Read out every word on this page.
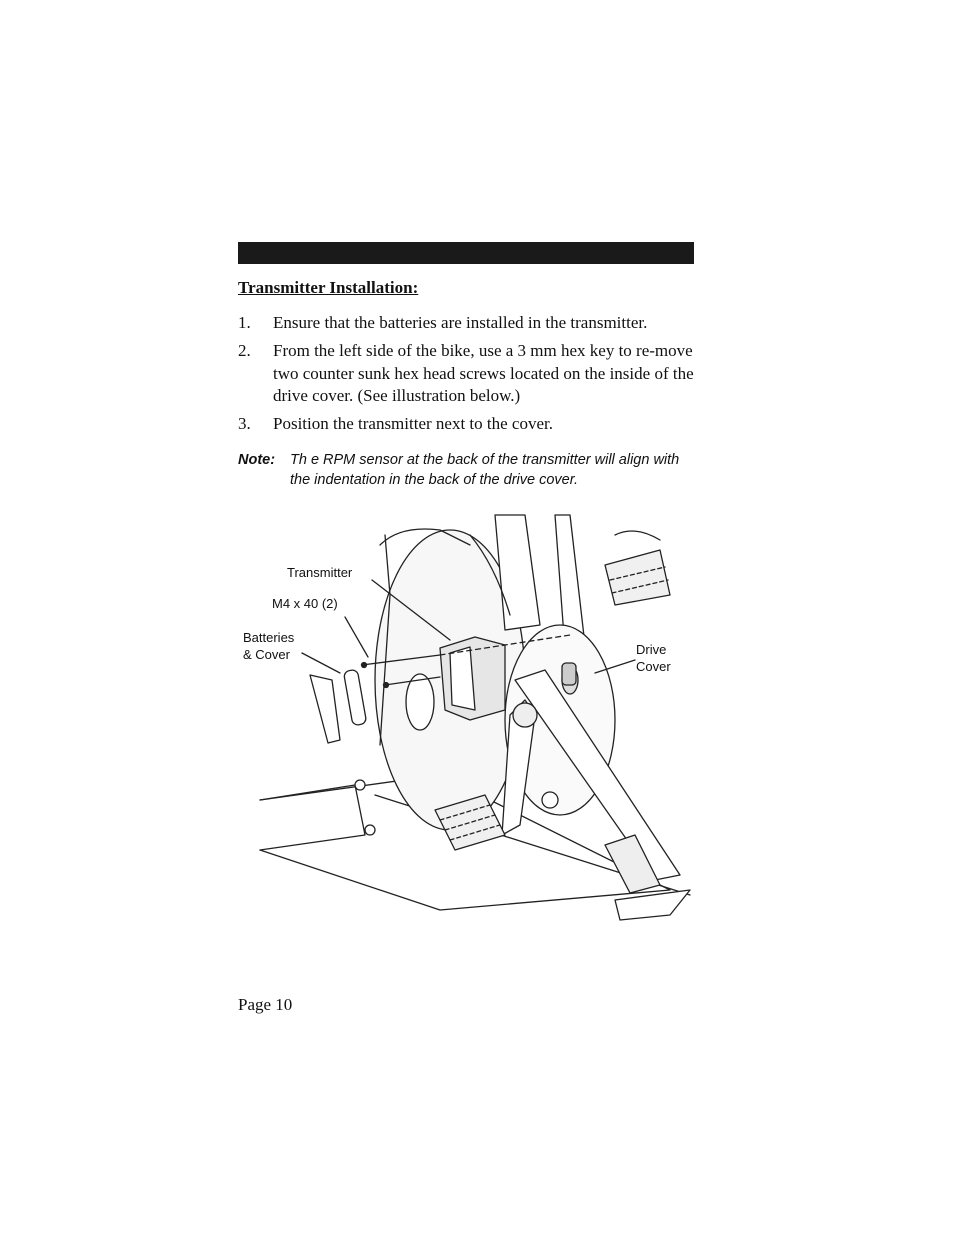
Transmitter Installation:
1. Ensure that the batteries are installed in the transmitter.
2. From the left side of the bike, use a 3 mm hex key to re-move two counter sunk hex head screws located on the inside of the drive cover. (See illustration below.)
3. Position the transmitter next to the cover.
Note: Th e RPM sensor at the back of the transmitter will align with the indentation in the back of the drive cover.
Transmitter
M4 x 40 (2)
Batteries
& Cover	Drive
Cover
Page 10
